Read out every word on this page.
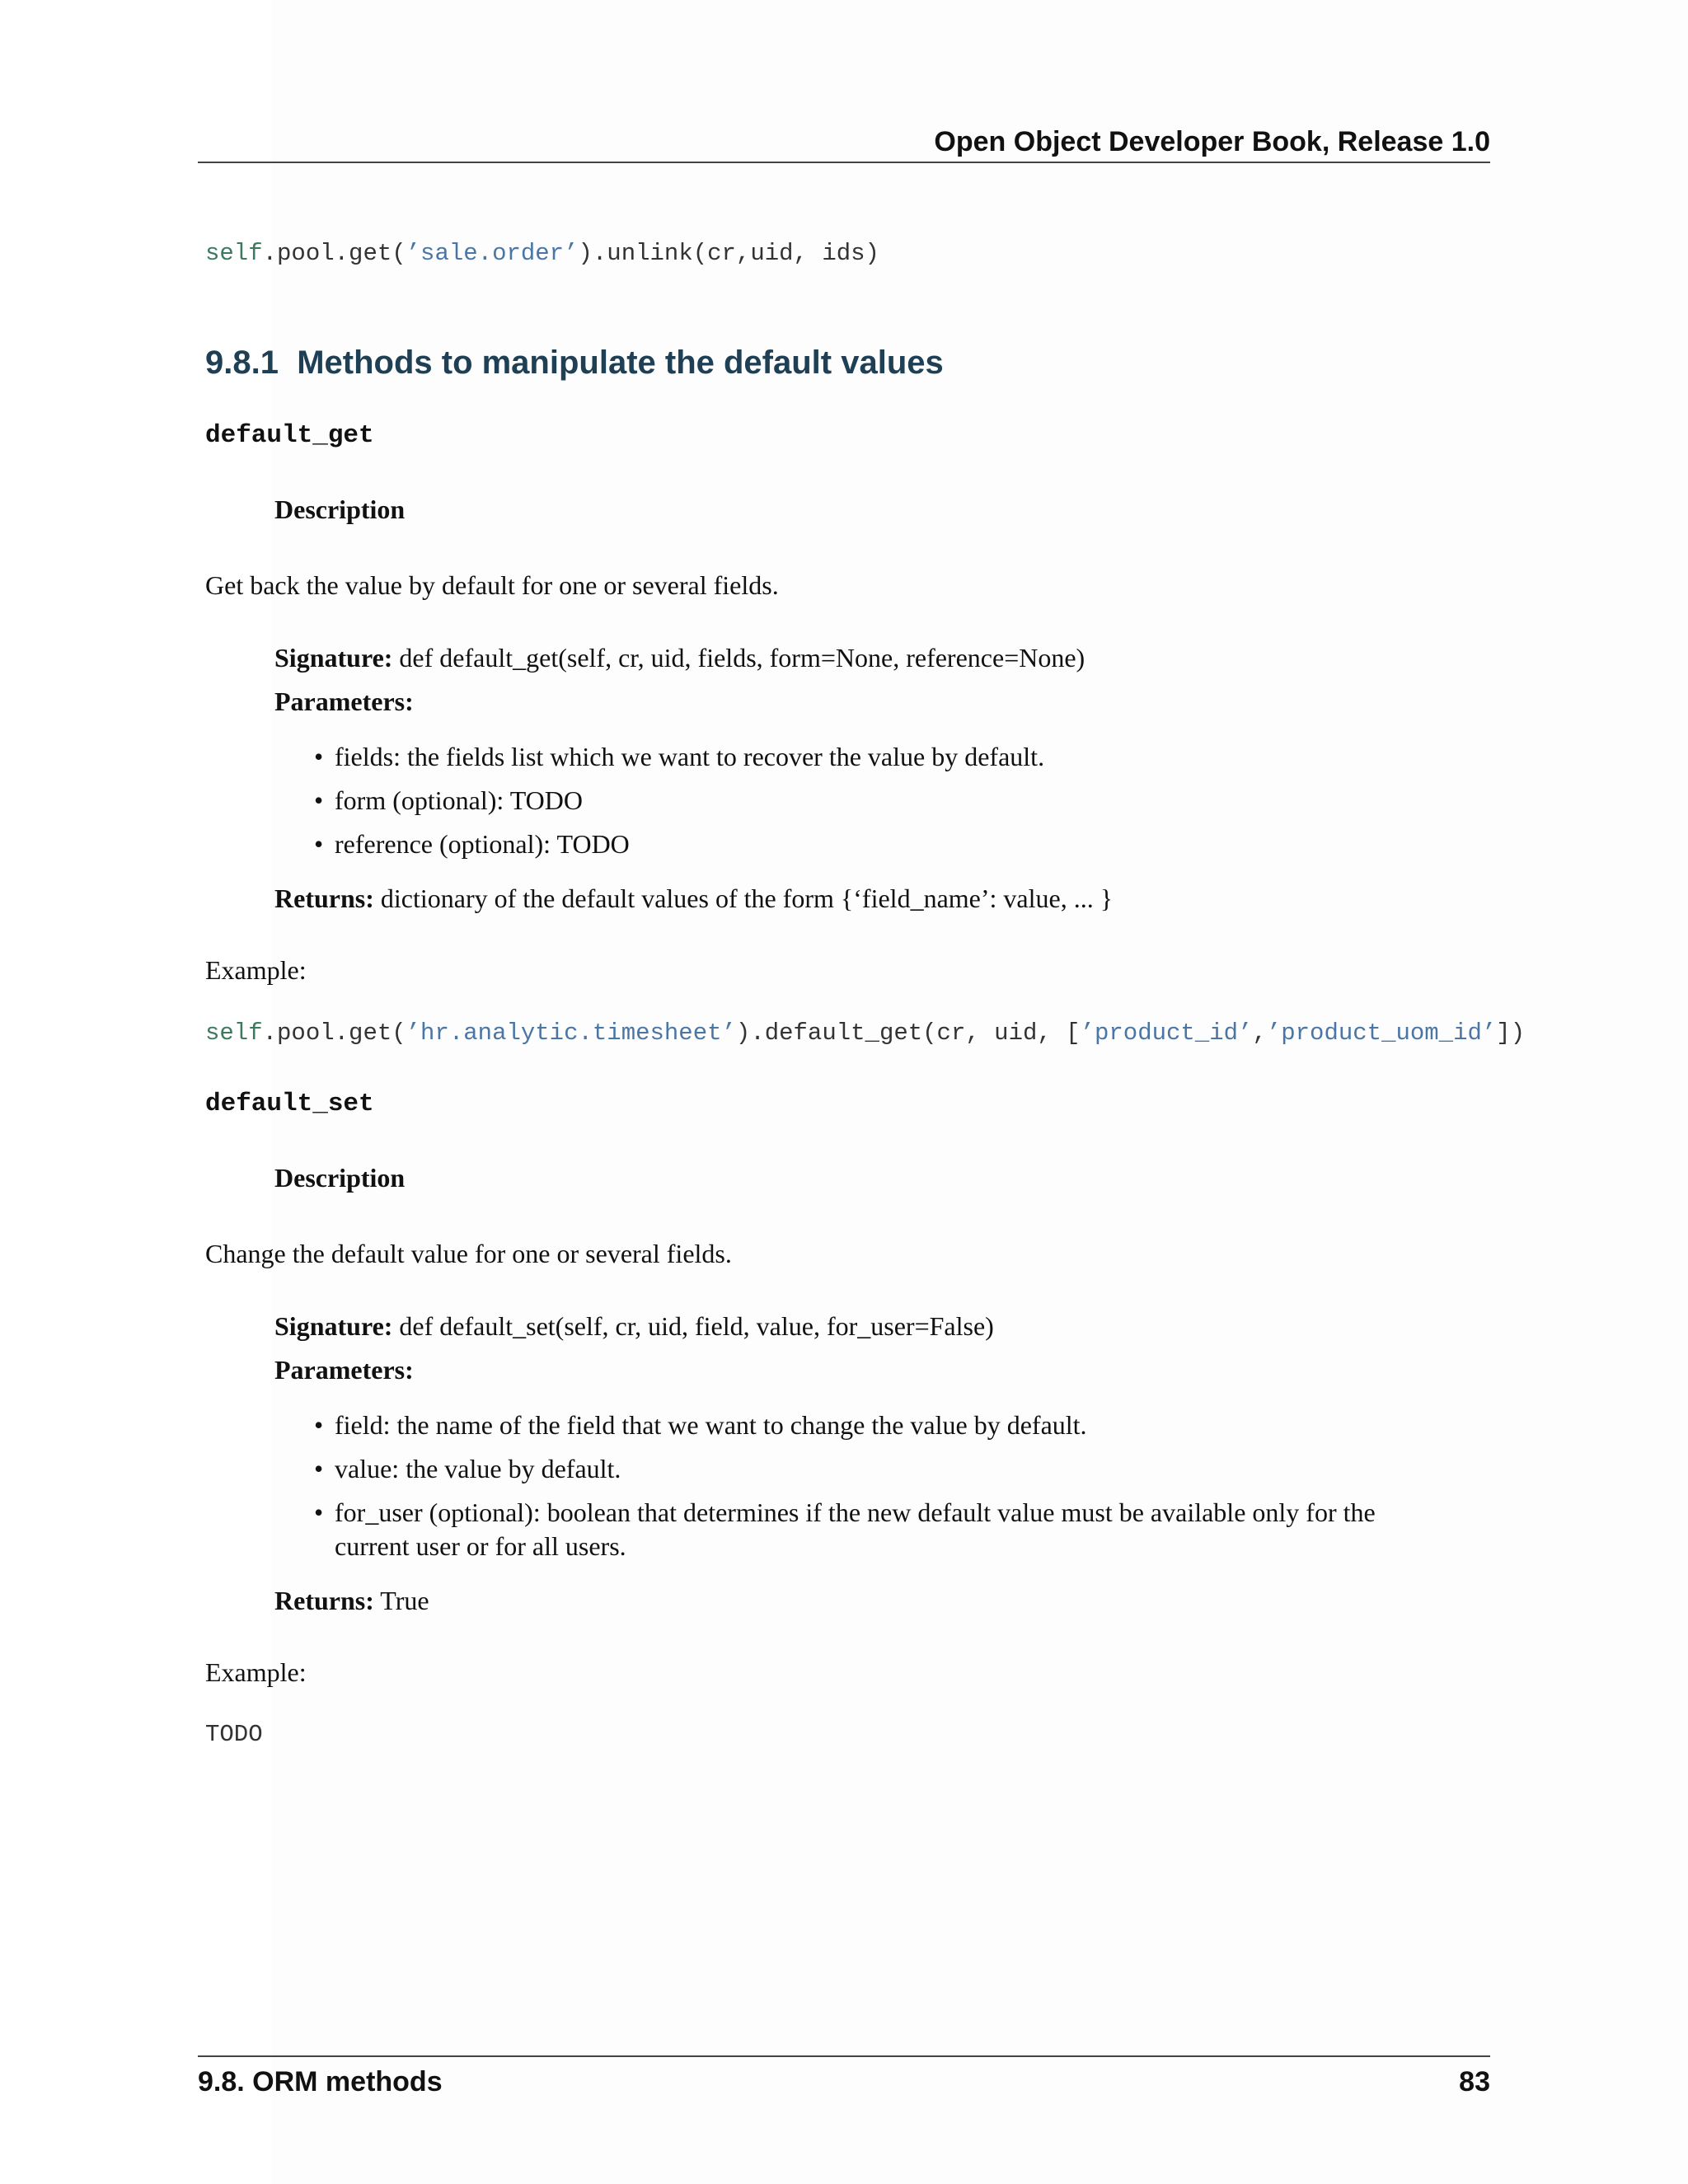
Open Object Developer Book, Release 1.0
self.pool.get(’sale.order’).unlink(cr,uid, ids)
9.8.1 Methods to manipulate the default values
default_get
Description
Get back the value by default for one or several fields.
Signature: def default_get(self, cr, uid, fields, form=None, reference=None)
Parameters:
• fields: the fields list which we want to recover the value by default.
• form (optional): TODO
• reference (optional): TODO
Returns: dictionary of the default values of the form {‘field_name’: value, ... }
Example:
self.pool.get(’hr.analytic.timesheet’).default_get(cr, uid, [’product_id’,’product_uom_id’])
default_set
Description
Change the default value for one or several fields.
Signature: def default_set(self, cr, uid, field, value, for_user=False)
Parameters:
• field: the name of the field that we want to change the value by default.
• value: the value by default.
• for_user (optional): boolean that determines if the new default value must be available only for the
current user or for all users.
Returns: True
Example:
TODO
9.8. ORM methods	83
